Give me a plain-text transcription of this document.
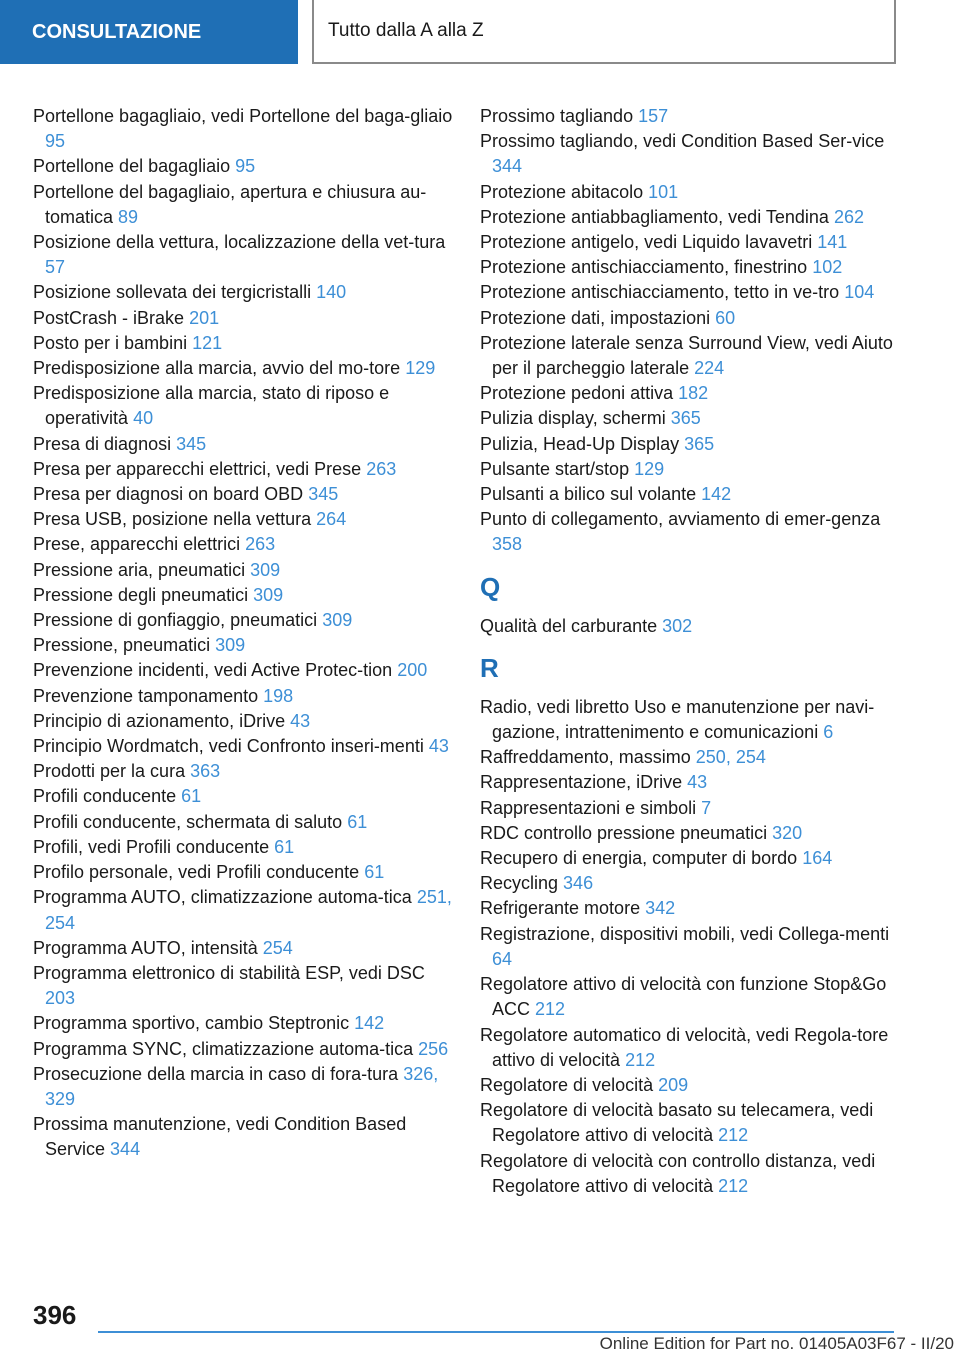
CONSULTAZIONE	Tutto dalla A alla Z
Portellone bagagliaio, vedi Portellone del baga-gliaio 95
Portellone del bagagliaio 95
Portellone del bagagliaio, apertura e chiusura au-tomatica 89
Posizione della vettura, localizzazione della vet-tura 57
Posizione sollevata dei tergicristalli 140
PostCrash - iBrake 201
Posto per i bambini 121
Predisposizione alla marcia, avvio del mo-tore 129
Predisposizione alla marcia, stato di riposo e operatività 40
Presa di diagnosi 345
Presa per apparecchi elettrici, vedi Prese 263
Presa per diagnosi on board OBD 345
Presa USB, posizione nella vettura 264
Prese, apparecchi elettrici 263
Pressione aria, pneumatici 309
Pressione degli pneumatici 309
Pressione di gonfiaggio, pneumatici 309
Pressione, pneumatici 309
Prevenzione incidenti, vedi Active Protec-tion 200
Prevenzione tamponamento 198
Principio di azionamento, iDrive 43
Principio Wordmatch, vedi Confronto inseri-menti 43
Prodotti per la cura 363
Profili conducente 61
Profili conducente, schermata di saluto 61
Profili, vedi Profili conducente 61
Profilo personale, vedi Profili conducente 61
Programma AUTO, climatizzazione automa-tica 251, 254
Programma AUTO, intensità 254
Programma elettronico di stabilità ESP, vedi DSC 203
Programma sportivo, cambio Steptronic 142
Programma SYNC, climatizzazione automa-tica 256
Prosecuzione della marcia in caso di fora-tura 326, 329
Prossima manutenzione, vedi Condition Based Service 344
Prossimo tagliando 157
Prossimo tagliando, vedi Condition Based Ser-vice 344
Protezione abitacolo 101
Protezione antiabbagliamento, vedi Tendina 262
Protezione antigelo, vedi Liquido lavavetri 141
Protezione antischiacciamento, finestrino 102
Protezione antischiacciamento, tetto in ve-tro 104
Protezione dati, impostazioni 60
Protezione laterale senza Surround View, vedi Aiuto per il parcheggio laterale 224
Protezione pedoni attiva 182
Pulizia display, schermi 365
Pulizia, Head-Up Display 365
Pulsante start/stop 129
Pulsanti a bilico sul volante 142
Punto di collegamento, avviamento di emer-genza 358
Q
Qualità del carburante 302
R
Radio, vedi libretto Uso e manutenzione per navi-gazione, intrattenimento e comunicazioni 6
Raffreddamento, massimo 250, 254
Rappresentazione, iDrive 43
Rappresentazioni e simboli 7
RDC controllo pressione pneumatici 320
Recupero di energia, computer di bordo 164
Recycling 346
Refrigerante motore 342
Registrazione, dispositivi mobili, vedi Collega-menti 64
Regolatore attivo di velocità con funzione Stop&Go ACC 212
Regolatore automatico di velocità, vedi Regola-tore attivo di velocità 212
Regolatore di velocità 209
Regolatore di velocità basato su telecamera, vedi Regolatore attivo di velocità 212
Regolatore di velocità con controllo distanza, vedi Regolatore attivo di velocità 212
396
Online Edition for Part no. 01405A03F67 - II/20
